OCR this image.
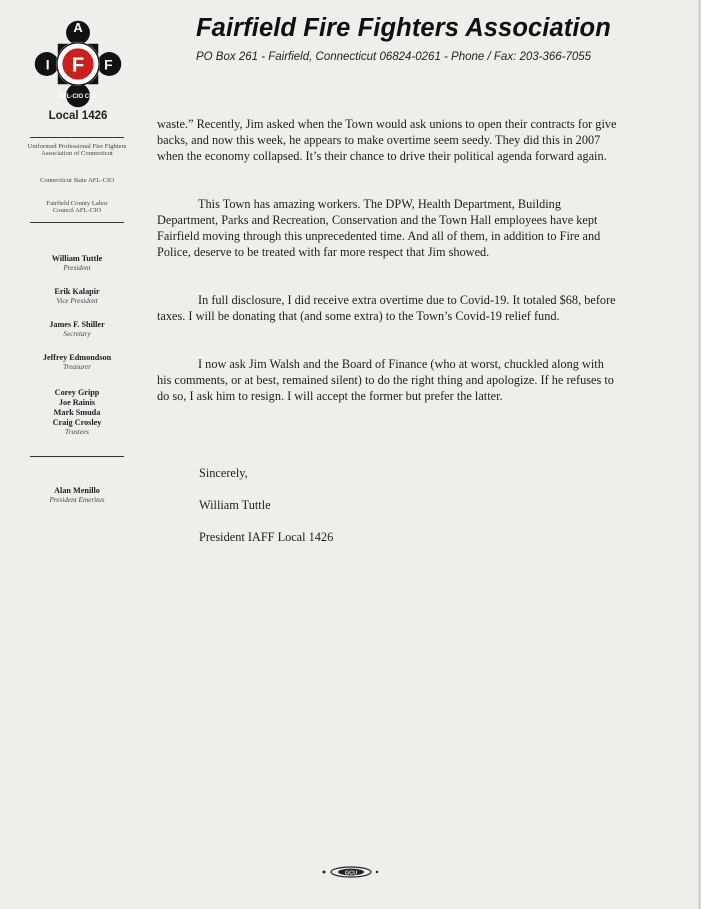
A
I	F
F
AFL-CIO CLC
Local 1426
Fairfield Fire Fighters Association
PO Box 261 - Fairfield, Connecticut 06824-0261 - Phone / Fax: 203-366-7055
Uniformed Professional Fire Fighters Association of Connecticut
Connecticut State AFL-CIO
Fairfield County Labor Council AFL-CIO
William Tuttle
President
Erik Kalapir
Vice President
James F. Shiller
Secretary
Jeffrey Edmondson
Treasurer
Corey Gripp
Joe Rainis
Mark Smuda
Craig Crosley
Trustees
Alan Menillo
President Emeritus

waste.” Recently, Jim asked when the Town would ask unions to open their contracts for give backs, and now this week, he appears to make overtime seem seedy. They did this in 2007 when the economy collapsed. It’s their chance to drive their political agenda forward again.

This Town has amazing workers. The DPW, Health Department, Building Department, Parks and Recreation, Conservation and the Town Hall employees have kept Fairfield moving through this unprecedented time. And all of them, in addition to Fire and Police, deserve to be treated with far more respect that Jim showed.

In full disclosure, I did receive extra overtime due to Covid-19. It totaled $68, before taxes. I will be donating that (and some extra) to the Town’s Covid-19 relief fund.

I now ask Jim Walsh and the Board of Finance (who at worst, chuckled along with his comments, or at best, remained silent) to do the right thing and apologize. If he refuses to do so, I ask him to resign. I will accept the former but prefer the latter.

Sincerely,
William Tuttle
President IAFF Local 1426
GCU
